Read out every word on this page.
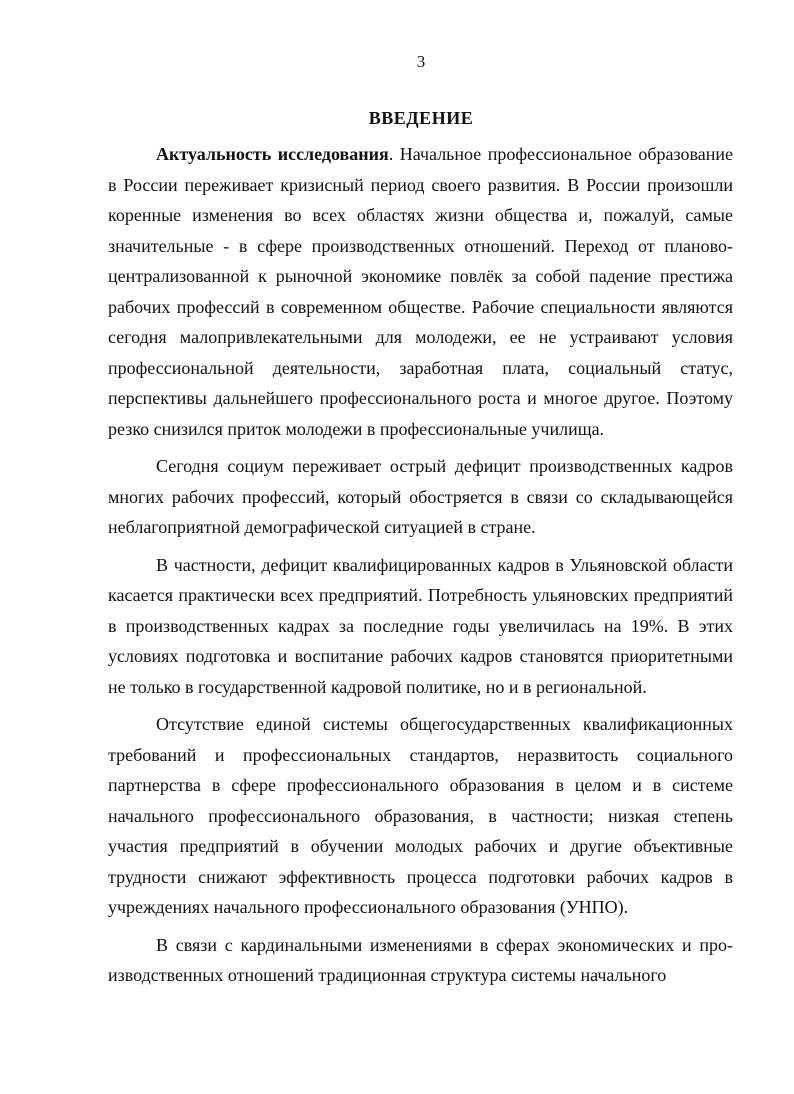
3
ВВЕДЕНИЕ

Актуальность исследования. Начальное профессиональное образование в России переживает кризисный период своего развития. В России произошли коренные изменения во всех областях жизни общества и, пожалуй, самые значительные - в сфере производственных отношений. Переход от планово-централизованной к рыночной экономике повлёк за собой падение престижа рабочих профессий в современном обществе. Рабочие специальности являются сегодня малопривлекательными для молодежи, ее не устраивают условия профессиональной деятельности, заработная плата, социальный статус, перспективы дальнейшего профессионального роста и многое другое. Поэтому резко снизился приток молодежи в профессиональные училища.

Сегодня социум переживает острый дефицит производственных кадров многих рабочих профессий, который обостряется в связи со складывающейся неблагоприятной демографической ситуацией в стране.

В частности, дефицит квалифицированных кадров в Ульяновской области касается практически всех предприятий. Потребность ульяновских предприятий в производственных кадрах за последние годы увеличилась на 19%. В этих условиях подготовка и воспитание рабочих кадров становятся приоритетными не только в государственной кадровой политике, но и в региональной.

Отсутствие единой системы общегосударственных квалификационных требований и профессиональных стандартов, неразвитость социального партнерства в сфере профессионального образования в целом и в системе начального профессионального образования, в частности; низкая степень участия предприятий в обучении молодых рабочих и другие объективные трудности снижают эффективность процесса подготовки рабочих кадров в учреждениях начального профессионального образования (УНПО).

В связи с кардинальными изменениями в сферах экономических и производственных отношений традиционная структура системы начального
